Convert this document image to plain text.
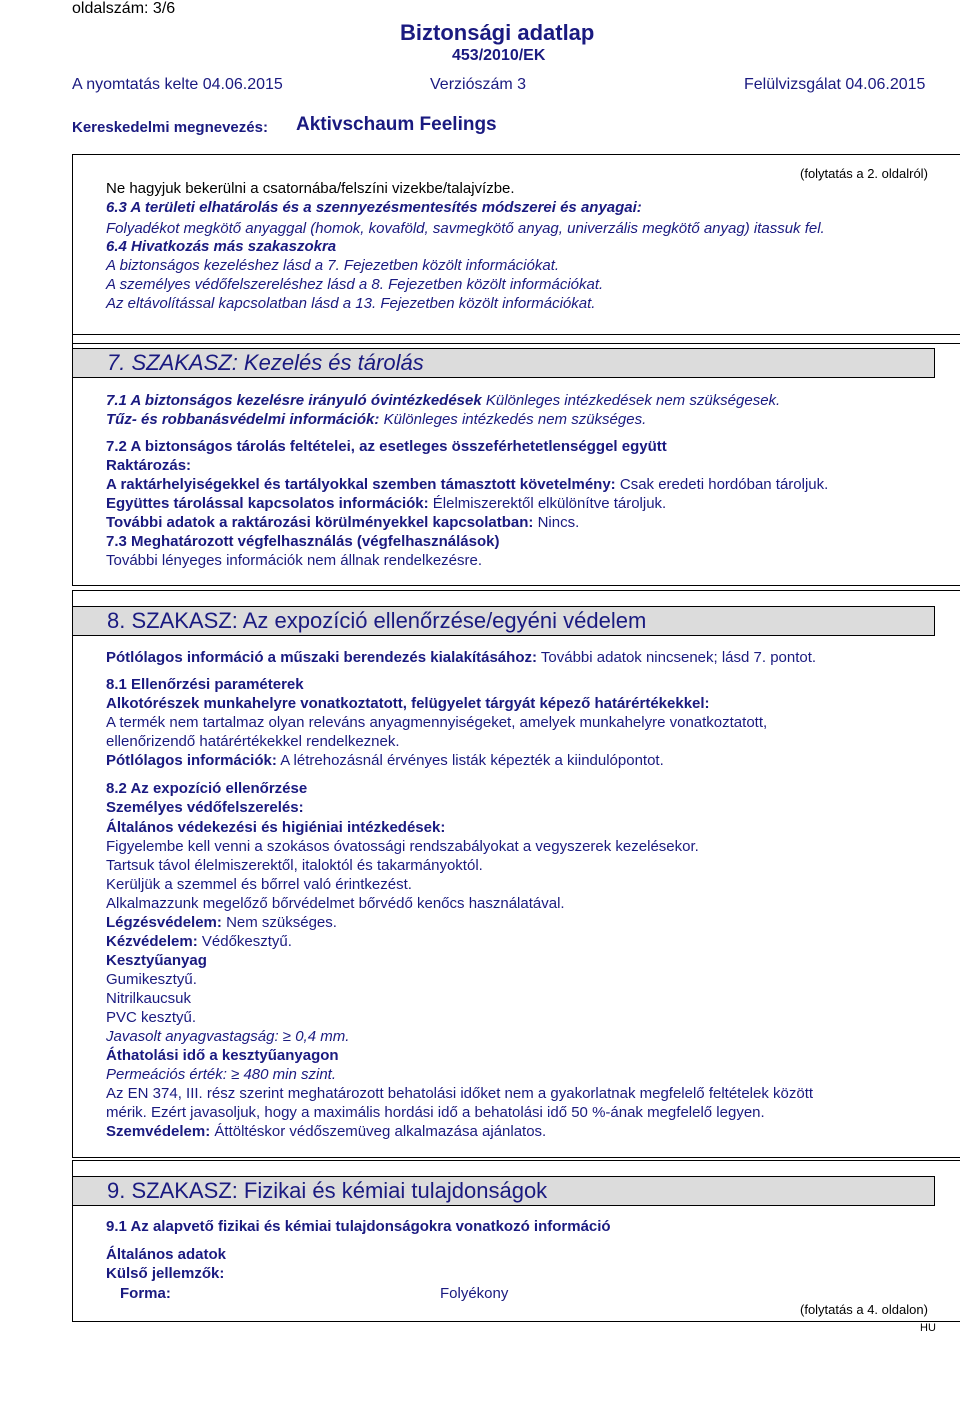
oldalszám: 3/6
Biztonsági adatlap
453/2010/EK
A nyomtatás kelte 04.06.2015	Verziószám 3	Felülvizsgálat 04.06.2015
Kereskedelmi megnevezés: Aktivschaum Feelings
(folytatás a 2. oldalról)
Ne hagyjuk bekerülni a csatornába/felszíni vizekbe/talajvízbe.
6.3 A területi elhatárolás és a szennyezésmentesítés módszerei és anyagai:
Folyadékot megkötő anyaggal (homok, kovaföld, savmegkötő anyag, univerzális megkötő anyag) itassuk fel.
6.4 Hivatkozás más szakaszokra
A biztonságos kezeléshez lásd a 7. Fejezetben közölt információkat.
A személyes védőfelszereléshez lásd a 8. Fejezetben közölt információkat.
Az eltávolítással kapcsolatban lásd a 13. Fejezetben közölt információkat.
7. SZAKASZ: Kezelés és tárolás
7.1 A biztonságos kezelésre irányuló óvintézkedések Különleges intézkedések nem szükségesek.
Tűz- és robbanásvédelmi információk: Különleges intézkedés nem szükséges.
7.2 A biztonságos tárolás feltételei, az esetleges összeférhetetlenséggel együtt
Raktározás:
A raktárhelyiségekkel és tartályokkal szemben támasztott követelmény: Csak eredeti hordóban tároljuk.
Együttes tárolással kapcsolatos információk: Élelmiszerektől elkülönítve tároljuk.
További adatok a raktározási körülményekkel kapcsolatban: Nincs.
7.3 Meghatározott végfelhasználás (végfelhasználások)
További lényeges információk nem állnak rendelkezésre.
8. SZAKASZ: Az expozíció ellenőrzése/egyéni védelem
Pótlólagos információ a műszaki berendezés kialakításához: További adatok nincsenek; lásd 7. pontot.
8.1 Ellenőrzési paraméterek
Alkotórészek munkahelyre vonatkoztatott, felügyelet tárgyát képező határértékekkel:
A termék nem tartalmaz olyan releváns anyagmennyiségeket, amelyek munkahelyre vonatkoztatott,
ellenőrizendő határértékekkel rendelkeznek.
Pótlólagos információk: A létrehozásnál érvényes listák képezték a kiindulópontot.
8.2 Az expozíció ellenőrzése
Személyes védőfelszerelés:
Általános védekezési és higiéniai intézkedések:
Figyelembe kell venni a szokásos óvatossági rendszabályokat a vegyszerek kezelésekor.
Tartsuk távol élelmiszerektől, italoktól és takarmányoktól.
Kerüljük a szemmel és bőrrel való érintkezést.
Alkalmazzunk megelőző bőrvédelmet bőrvédő kenőcs használatával.
Légzésvédelem: Nem szükséges.
Kézvédelem: Védőkesztyű.
Kesztyűanyag
Gumikesztyű.
Nitrilkaucsuk
PVC kesztyű.
Javasolt anyagvastagság: ≥ 0,4 mm.
Áthatolási idő a kesztyűanyagon
Permeációs érték: ≥ 480 min szint.
Az EN 374, III. rész szerint meghatározott behatolási időket nem a gyakorlatnak megfelelő feltételek között
mérik. Ezért javasoljuk, hogy a maximális hordási idő a behatolási idő 50 %-ának megfelelő legyen.
Szemvédelem: Áttöltéskor védőszemüveg alkalmazása ajánlatos.
9. SZAKASZ: Fizikai és kémiai tulajdonságok
9.1 Az alapvető fizikai és kémiai tulajdonságokra vonatkozó információ
Általános adatok
Külső jellemzők:
Forma:	Folyékony
(folytatás a 4. oldalon)
HU
